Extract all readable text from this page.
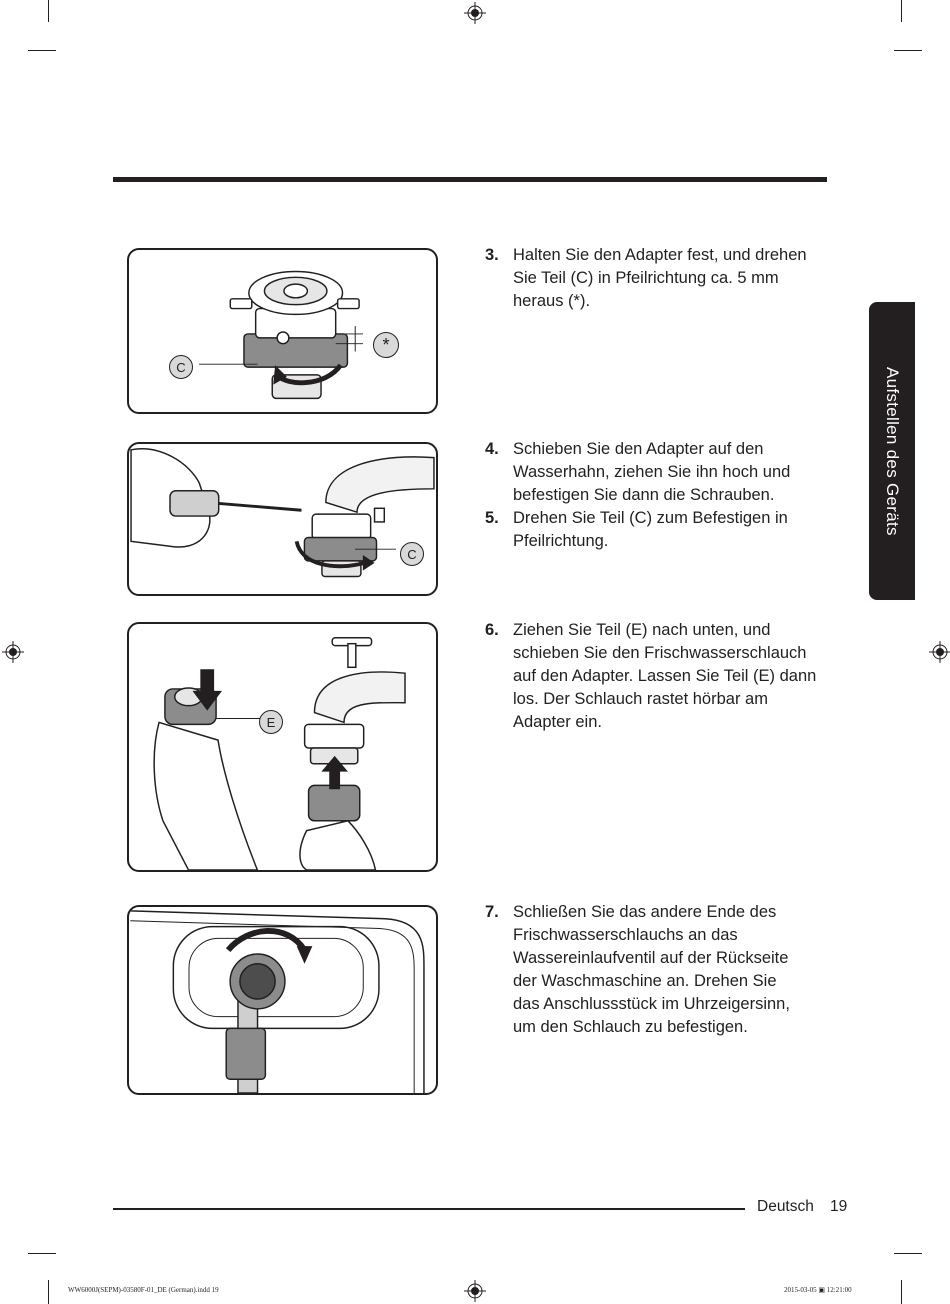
Aufstellen des Geräts
C
*
C
E
3. Halten Sie den Adapter fest, und drehen Sie Teil (C) in Pfeilrichtung ca. 5 mm heraus (*).
4. Schieben Sie den Adapter auf den Wasserhahn, ziehen Sie ihn hoch und befestigen Sie dann die Schrauben.
5. Drehen Sie Teil (C) zum Befestigen in Pfeilrichtung.
6. Ziehen Sie Teil (E) nach unten, und schieben Sie den Frischwasserschlauch auf den Adapter. Lassen Sie Teil (E) dann los. Der Schlauch rastet hörbar am Adapter ein.
7. Schließen Sie das andere Ende des Frischwasserschlauchs an das Wassereinlaufventil auf der Rückseite der Waschmaschine an. Drehen Sie das Anschlussstück im Uhrzeigersinn, um den Schlauch zu befestigen.
Deutsch 19
WW6000J(SEPM)-03580F-01_DE (German).indd 19	2015-03-05 ▣ 12:21:00
